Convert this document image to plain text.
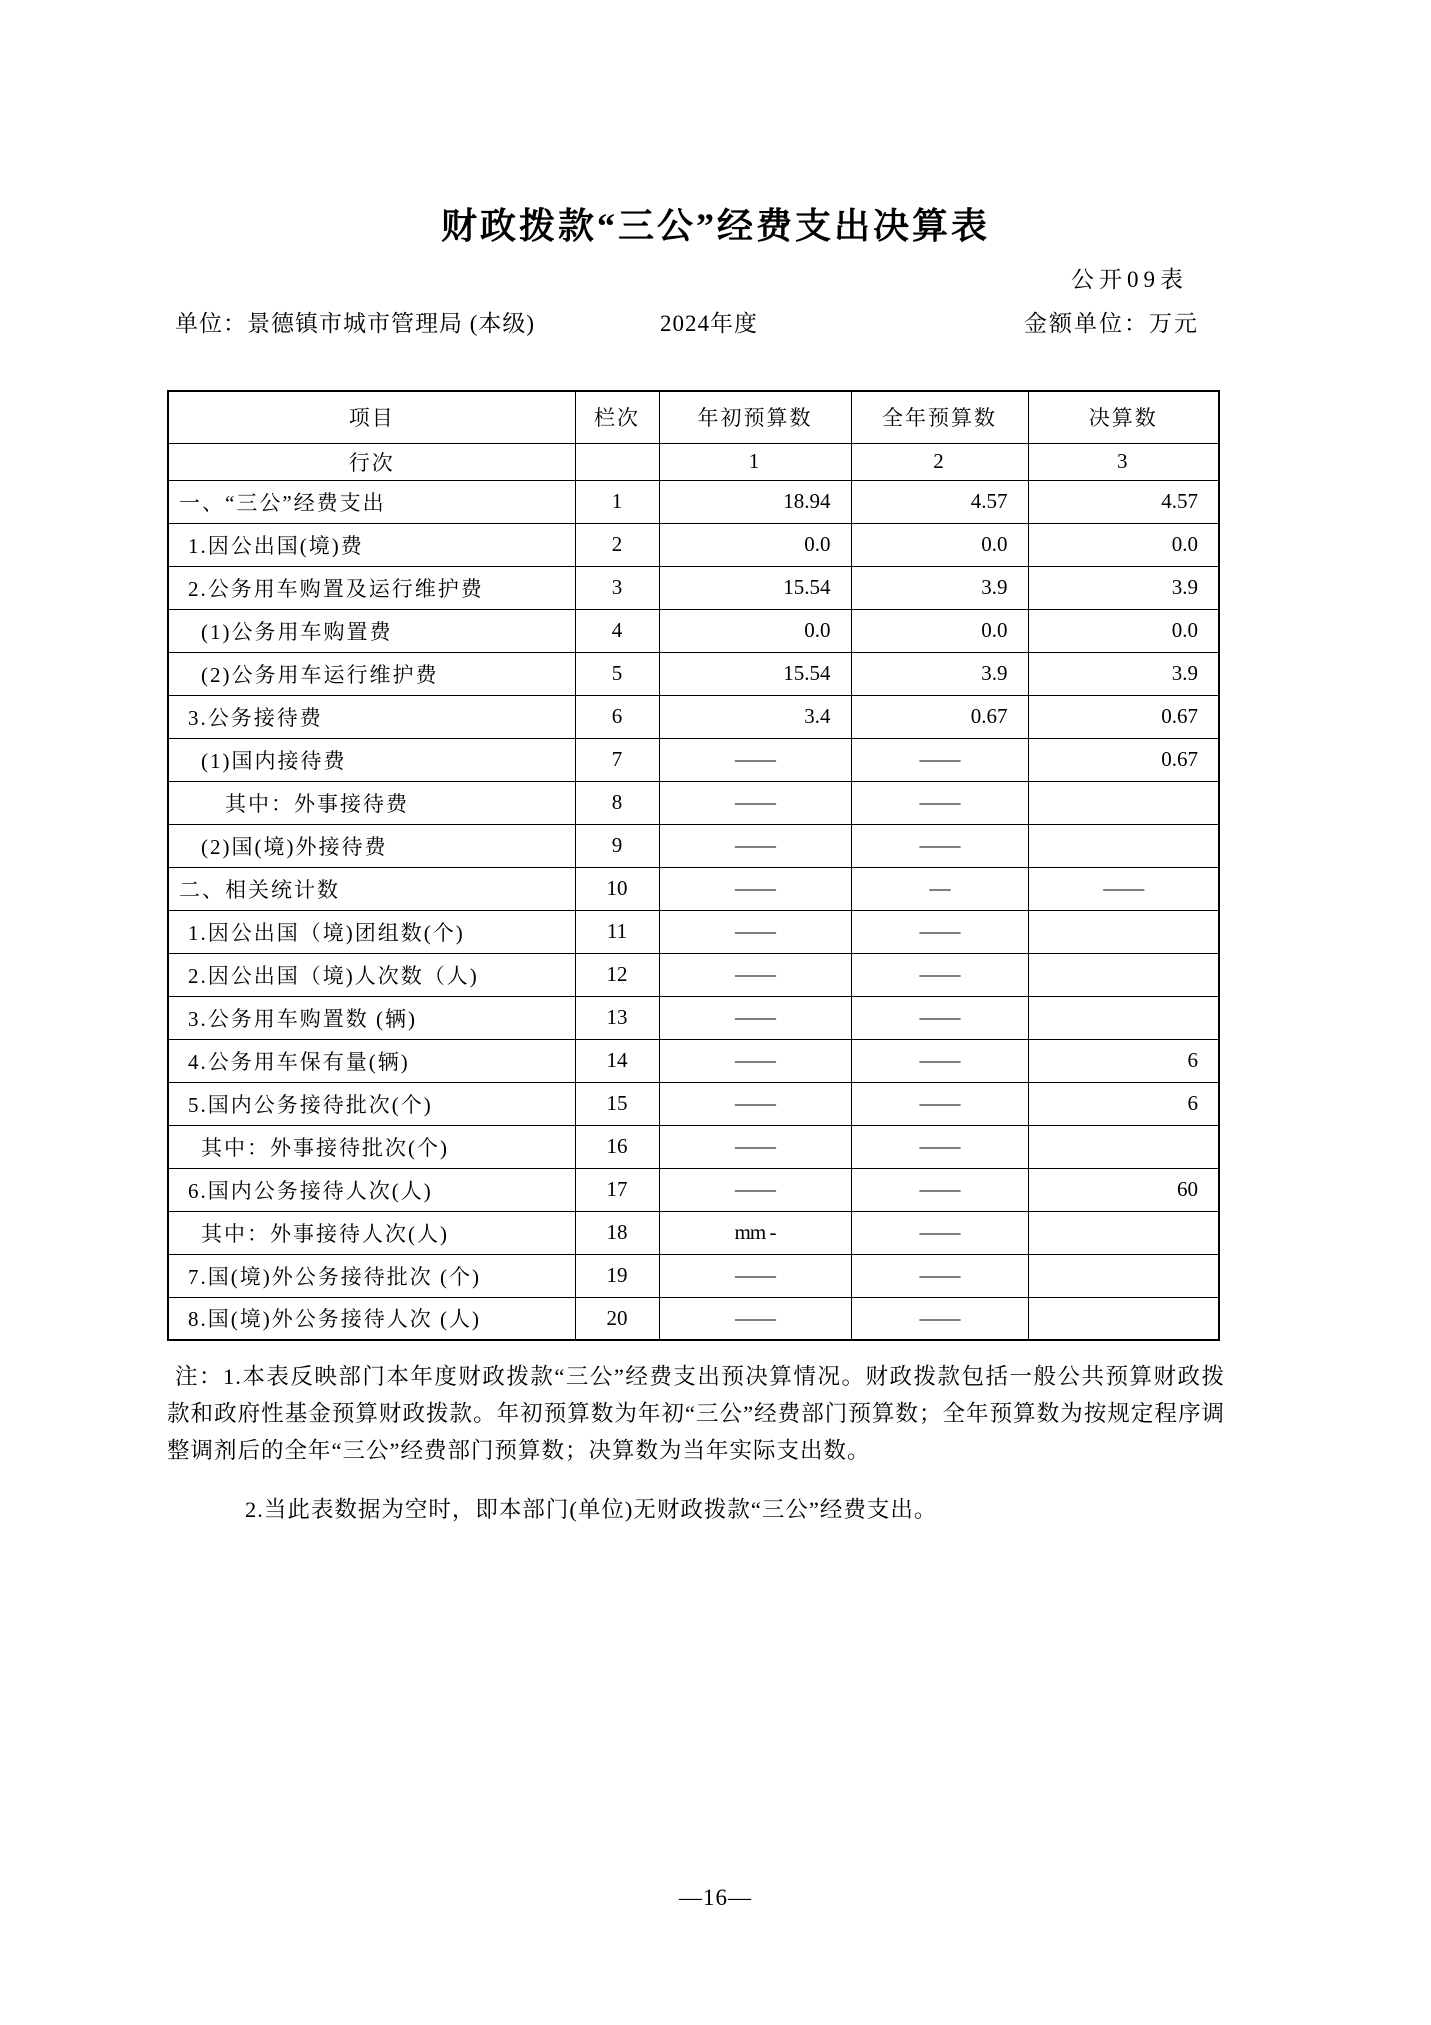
财政拨款“三公”经费支出决算表
公开09表
单位：景德镇市城市管理局 (本级)	2024年度	金额单位：万元
项目	栏次	年初预算数	全年预算数	决算数
行次		1	2	3
一、“三公”经费支出	1	18.94	4.57	4.57
1.因公出国(境)费	2	0.0	0.0	0.0
2.公务用车购置及运行维护费	3	15.54	3.9	3.9
(1)公务用车购置费	4	0.0	0.0	0.0
(2)公务用车运行维护费	5	15.54	3.9	3.9
3.公务接待费	6	3.4	0.67	0.67
(1)国内接待费	7	——	——	0.67
其中：外事接待费	8	——	——	
(2)国(境)外接待费	9	——	——	
二、相关统计数	10	——	—	——
1.因公出国（境)团组数(个)	11	——	——	
2.因公出国（境)人次数（人)	12	——	——	
3.公务用车购置数 (辆)	13	——	——	
4.公务用车保有量(辆)	14	——	——	6
5.国内公务接待批次(个)	15	——	——	6
其中：外事接待批次(个)	16	——	——	
6.国内公务接待人次(人)	17	——	——	60
其中：外事接待人次(人)	18	mm -	——	
7.国(境)外公务接待批次 (个)	19	——	——	
8.国(境)外公务接待人次 (人)	20	——	——	

注：1.本表反映部门本年度财政拨款“三公”经费支出预决算情况。财政拨款包括一般公共预算财政拨款和政府性基金预算财政拨款。年初预算数为年初“三公”经费部门预算数；全年预算数为按规定程序调整调剂后的全年“三公”经费部门预算数；决算数为当年实际支出数。

2.当此表数据为空时，即本部门(单位)无财政拨款“三公”经费支出。

—16—
